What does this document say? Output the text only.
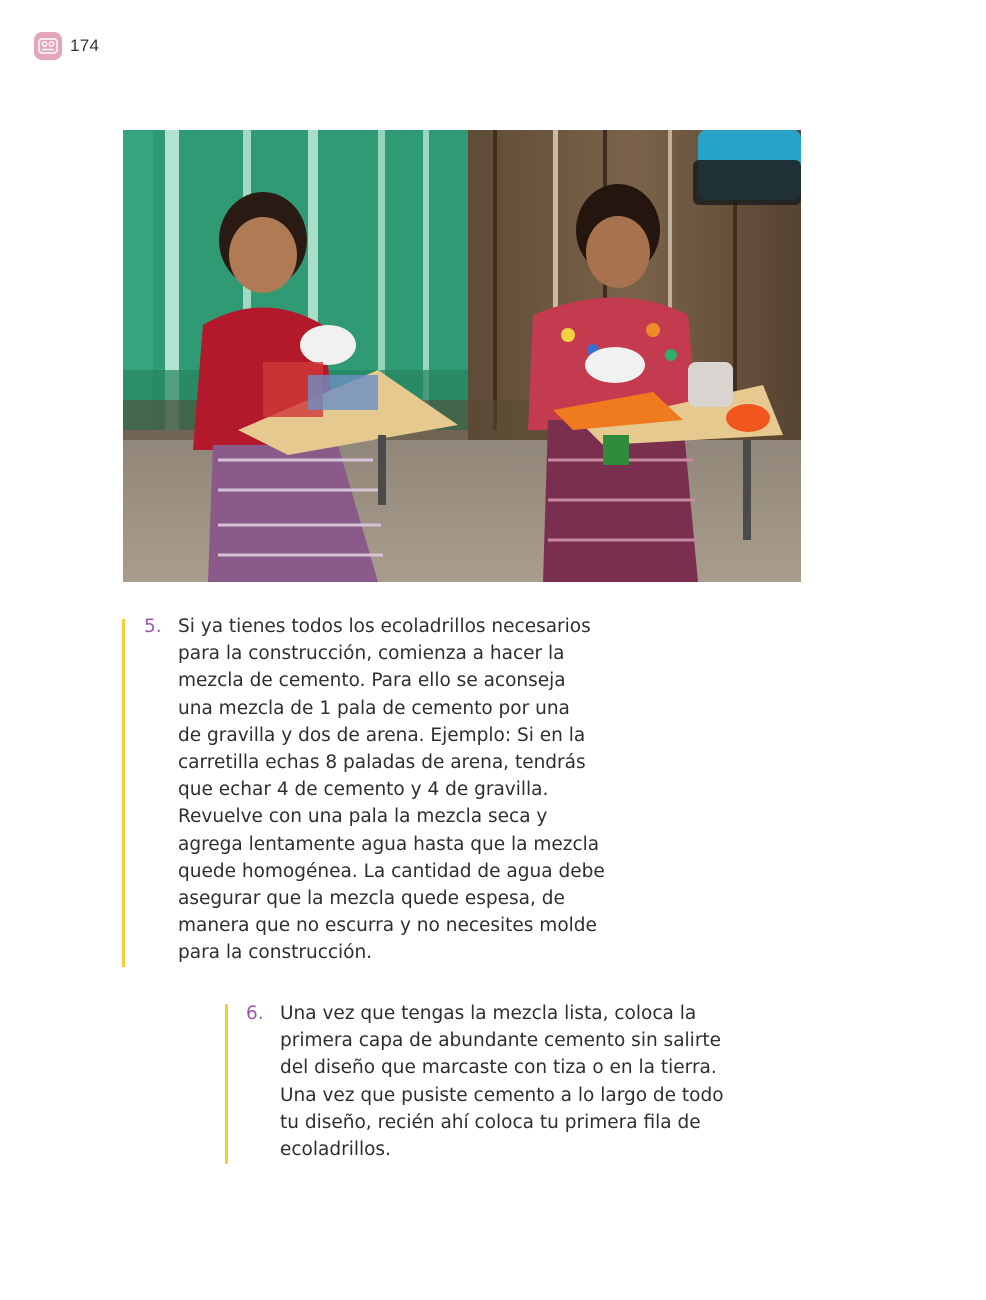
174
5. Si ya tienes todos los ecoladrillos necesarios
para la construcción, comienza a hacer la
mezcla de cemento. Para ello se aconseja
una mezcla de 1 pala de cemento por una
de gravilla y dos de arena. Ejemplo: Si en la
carretilla echas 8 paladas de arena, tendrás
que echar 4 de cemento y 4 de gravilla.
Revuelve con una pala la mezcla seca y
agrega lentamente agua hasta que la mezcla
quede homogénea. La cantidad de agua debe
asegurar que la mezcla quede espesa, de
manera que no escurra y no necesites molde
para la construcción.
6. Una vez que tengas la mezcla lista, coloca la
primera capa de abundante cemento sin salirte
del diseño que marcaste con tiza o en la tierra.
Una vez que pusiste cemento a lo largo de todo
tu diseño, recién ahí coloca tu primera fila de
ecoladrillos.
